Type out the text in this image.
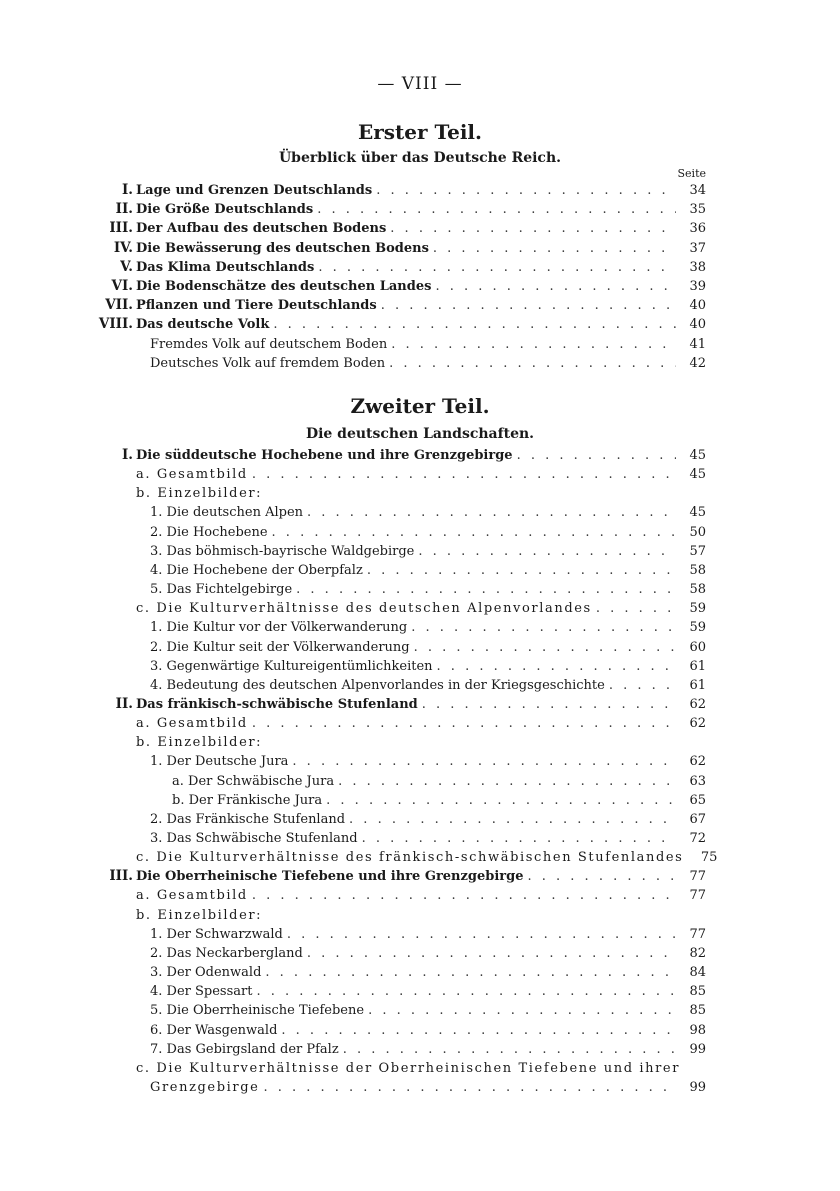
— VIII —
Erster Teil.
Überblick über das Deutsche Reich.
Seite
I. Lage und Grenzen Deutschlands . . .	34
II. Die Größe Deutschlands . . .	35
III. Der Aufbau des deutschen Bodens . . .	36
IV. Die Bewässerung des deutschen Bodens . . .	37
V. Das Klima Deutschlands . . .	38
VI. Die Bodenschätze des deutschen Landes . . .	39
VII. Pflanzen und Tiere Deutschlands . . .	40
VIII. Das deutsche Volk . . .	40
Fremdes Volk auf deutschem Boden . . .	41
Deutsches Volk auf fremdem Boden . . .	42
Zweiter Teil.
Die deutschen Landschaften.
I. Die süddeutsche Hochebene und ihre Grenzgebirge . . .	45
a. Gesamtbild . . .	45
b. Einzelbilder:
1. Die deutschen Alpen . . .	45
2. Die Hochebene . . .	50
3. Das böhmisch-bayrische Waldgebirge . . .	57
4. Die Hochebene der Oberpfalz . . .	58
5. Das Fichtelgebirge . . .	58
c. Die Kulturverhältnisse des deutschen Alpenvorlandes . . .	59
1. Die Kultur vor der Völkerwanderung . . .	59
2. Die Kultur seit der Völkerwanderung . . .	60
3. Gegenwärtige Kultureigentümlichkeiten . . .	61
4. Bedeutung des deutschen Alpenvorlandes in der Kriegsgeschichte . . .	61
II. Das fränkisch-schwäbische Stufenland . . .	62
a. Gesamtbild . . .	62
b. Einzelbilder:
1. Der Deutsche Jura . . .	62
a. Der Schwäbische Jura . . .	63
b. Der Fränkische Jura . . .	65
2. Das Fränkische Stufenland . . .	67
3. Das Schwäbische Stufenland . . .	72
c. Die Kulturverhältnisse des fränkisch-schwäbischen Stufenlandes	75
III. Die Oberrheinische Tiefebene und ihre Grenzgebirge . . .	77
a. Gesamtbild . . .	77
b. Einzelbilder:
1. Der Schwarzwald . . .	77
2. Das Neckarbergland . . .	82
3. Der Odenwald . . .	84
4. Der Spessart . . .	85
5. Die Oberrheinische Tiefebene . . .	85
6. Der Wasgenwald . . .	98
7. Das Gebirgsland der Pfalz . . .	99
c. Die Kulturverhältnisse der Oberrheinischen Tiefebene und ihrer
Grenzgebirge . . .	99
